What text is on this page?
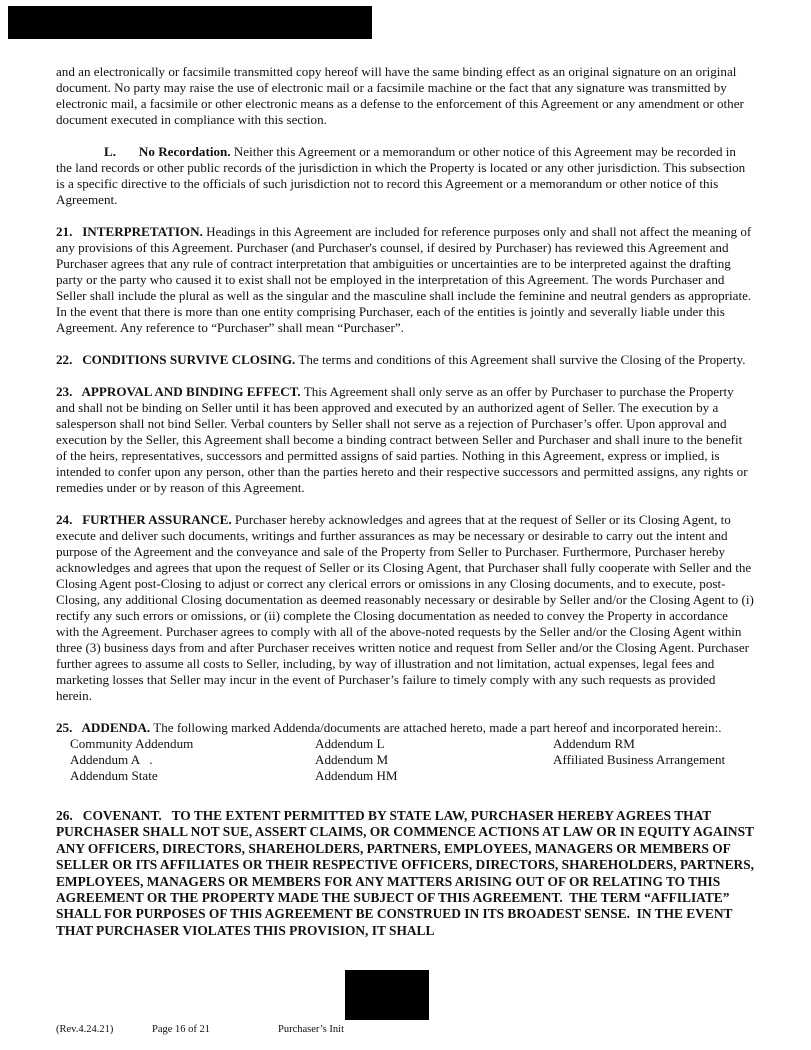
and an electronically or facsimile transmitted copy hereof will have the same binding effect as an original signature on an original document. No party may raise the use of electronic mail or a facsimile machine or the fact that any signature was transmitted by electronic mail, a facsimile or other electronic means as a defense to the enforcement of this Agreement or any amendment or other document executed in compliance with this section.

L.       No Recordation. Neither this Agreement or a memorandum or other notice of this Agreement may be recorded in the land records or other public records of the jurisdiction in which the Property is located or any other jurisdiction. This subsection is a specific directive to the officials of such jurisdiction not to record this Agreement or a memorandum or other notice of this Agreement.

21.   INTERPRETATION. Headings in this Agreement are included for reference purposes only and shall not affect the meaning of any provisions of this Agreement. Purchaser (and Purchaser's counsel, if desired by Purchaser) has reviewed this Agreement and Purchaser agrees that any rule of contract interpretation that ambiguities or uncertainties are to be interpreted against the drafting party or the party who caused it to exist shall not be employed in the interpretation of this Agreement. The words Purchaser and Seller shall include the plural as well as the singular and the masculine shall include the feminine and neutral genders as appropriate. In the event that there is more than one entity comprising Purchaser, each of the entities is jointly and severally liable under this Agreement. Any reference to “Purchaser” shall mean “Purchaser”.

22.   CONDITIONS SURVIVE CLOSING. The terms and conditions of this Agreement shall survive the Closing of the Property.

23.   APPROVAL AND BINDING EFFECT. This Agreement shall only serve as an offer by Purchaser to purchase the Property and shall not be binding on Seller until it has been approved and executed by an authorized agent of Seller. The execution by a salesperson shall not bind Seller. Verbal counters by Seller shall not serve as a rejection of Purchaser’s offer. Upon approval and execution by the Seller, this Agreement shall become a binding contract between Seller and Purchaser and shall inure to the benefit of the heirs, representatives, successors and permitted assigns of said parties. Nothing in this Agreement, express or implied, is intended to confer upon any person, other than the parties hereto and their respective successors and permitted assigns, any rights or remedies under or by reason of this Agreement.

24.   FURTHER ASSURANCE. Purchaser hereby acknowledges and agrees that at the request of Seller or its Closing Agent, to execute and deliver such documents, writings and further assurances as may be necessary or desirable to carry out the intent and purpose of the Agreement and the conveyance and sale of the Property from Seller to Purchaser. Furthermore, Purchaser hereby acknowledges and agrees that upon the request of Seller or its Closing Agent, that Purchaser shall fully cooperate with Seller and the Closing Agent post-Closing to adjust or correct any clerical errors or omissions in any Closing documents, and to execute, post-Closing, any additional Closing documentation as deemed reasonably necessary or desirable by Seller and/or the Closing Agent to (i) rectify any such errors or omissions, or (ii) complete the Closing documentation as needed to convey the Property in accordance with the Agreement. Purchaser agrees to comply with all of the above-noted requests by the Seller and/or the Closing Agent within three (3) business days from and after Purchaser receives written notice and request from Seller and/or the Closing Agent. Purchaser further agrees to assume all costs to Seller, including, by way of illustration and not limitation, actual expenses, legal fees and marketing losses that Seller may incur in the event of Purchaser’s failure to timely comply with any such requests as provided herein.

25.   ADDENDA. The following marked Addenda/documents are attached hereto, made a part hereof and incorporated herein:.

Community Addendum	Addendum L	Addendum RM
Addendum A   .	Addendum M	Affiliated Business Arrangement
Addendum State	Addendum HM

26.   COVENANT.   TO THE EXTENT PERMITTED BY STATE LAW, PURCHASER HEREBY AGREES THAT PURCHASER SHALL NOT SUE, ASSERT CLAIMS, OR COMMENCE ACTIONS AT LAW OR IN EQUITY AGAINST ANY OFFICERS, DIRECTORS, SHAREHOLDERS, PARTNERS, EMPLOYEES, MANAGERS OR MEMBERS OF SELLER OR ITS AFFILIATES OR THEIR RESPECTIVE OFFICERS, DIRECTORS, SHAREHOLDERS, PARTNERS, EMPLOYEES, MANAGERS OR MEMBERS FOR ANY MATTERS ARISING OUT OF OR RELATING TO THIS AGREEMENT OR THE PROPERTY MADE THE SUBJECT OF THIS AGREEMENT.  THE TERM “AFFILIATE” SHALL FOR PURPOSES OF THIS AGREEMENT BE CONSTRUED IN ITS BROADEST SENSE.  IN THE EVENT THAT PURCHASER VIOLATES THIS PROVISION, IT SHALL

(Rev.4.24.21)	Page 16 of 21	Purchaser’s Init
